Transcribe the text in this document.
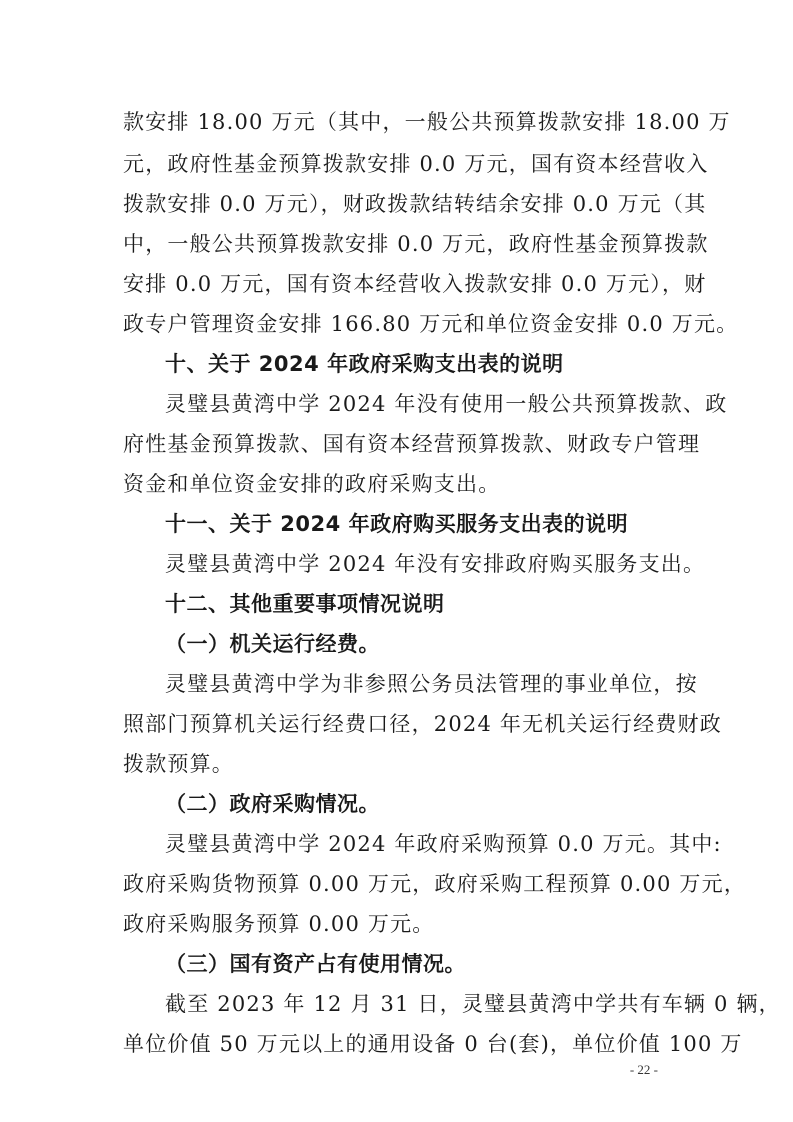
款安排 18.00 万元（其中，一般公共预算拨款安排 18.00 万
元，政府性基金预算拨款安排 0.0 万元，国有资本经营收入
拨款安排 0.0 万元），财政拨款结转结余安排 0.0 万元（其
中，一般公共预算拨款安排 0.0 万元，政府性基金预算拨款
安排 0.0 万元，国有资本经营收入拨款安排 0.0 万元），财
政专户管理资金安排 166.80 万元和单位资金安排 0.0 万元。
十、关于 2024 年政府采购支出表的说明
灵璧县黄湾中学 2024 年没有使用一般公共预算拨款、政
府性基金预算拨款、国有资本经营预算拨款、财政专户管理
资金和单位资金安排的政府采购支出。
十一、关于 2024 年政府购买服务支出表的说明
灵璧县黄湾中学 2024 年没有安排政府购买服务支出。
十二、其他重要事项情况说明
（一）机关运行经费。
灵璧县黄湾中学为非参照公务员法管理的事业单位，按
照部门预算机关运行经费口径，2024 年无机关运行经费财政
拨款预算。
（二）政府采购情况。
灵璧县黄湾中学 2024 年政府采购预算 0.0 万元。其中:
政府采购货物预算 0.00 万元，政府采购工程预算 0.00 万元，
政府采购服务预算 0.00 万元。
（三）国有资产占有使用情况。
截至 2023 年 12 月 31 日，灵璧县黄湾中学共有车辆 0 辆，
单位价值 50 万元以上的通用设备 0 台(套)，单位价值 100 万
- 22 -
